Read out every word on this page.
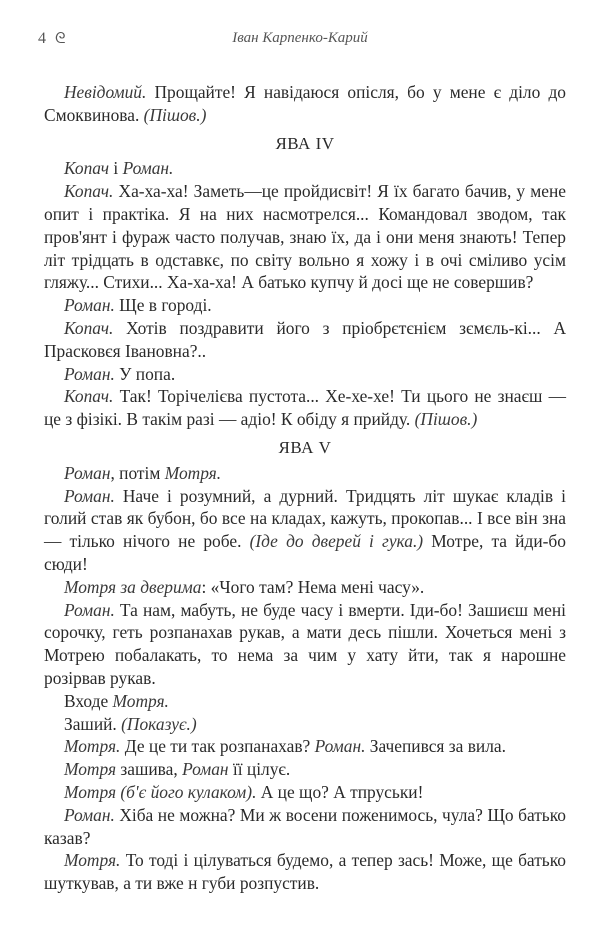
4 ᘓ	Іван Карпенко-Карий

Невідомий. Прощайте! Я навідаюся опісля, бо у мене є діло до Смоквинова. (Пішов.)

ЯВА IV

Копач і Роман.

Копач. Ха-ха-ха! Заметь—це пройдисвіт! Я їх багато бачив, у мене опит і практіка. Я на них насмотрелся... Командовал зводом, так пров'янт і фураж часто получав, знаю їх, да і они меня знають! Тепер літ трідцать в одставкє, по світу вольно я хожу і в очі сміливо усім гляжу... Стихи... Ха-ха-ха! А батько купчу й досі ще не совершив?

Роман. Ще в городі.

Копач. Хотів поздравити його з пріобрєтєнієм зємєль-кі... А Прасковєя Івановна?..

Роман. У попа.

Копач. Так! Торічелієва пустота... Хе-хе-хе! Ти цього не знаєш — це з фізікі. В такім разі — адіо! К обіду я прийду. (Пішов.)

ЯВА V

Роман, потім Мотря.

Роман. Наче і розумний, а дурний. Тридцять літ шукає кладів і голий став як бубон, бо все на кладах, кажуть, прокопав... І все він зна — тілько нічого не робе. (Іде до дверей і гука.) Мотре, та йди-бо сюди!

Мотря за дверима: «Чого там? Нема мені часу».

Роман. Та нам, мабуть, не буде часу і вмерти. Іди-бо! Зашиєш мені сорочку, геть розпанахав рукав, а мати десь пішли. Хочеться мені з Мотрею побалакать, то нема за чим у хату йти, так я нарошне розірвав рукав.

Входе Мотря.

Заший. (Показує.)

Мотря. Де це ти так розпанахав? Роман. Зачепився за вила.

Мотря зашива, Роман її цілує.

Мотря (б'є його кулаком). А це що? А тпруськи!

Роман. Хіба не можна? Ми ж восени поженимось, чула? Що батько казав?

Мотря. То тоді і цілуваться будемо, а тепер зась! Може, ще батько шуткував, а ти вже н губи розпустив.
